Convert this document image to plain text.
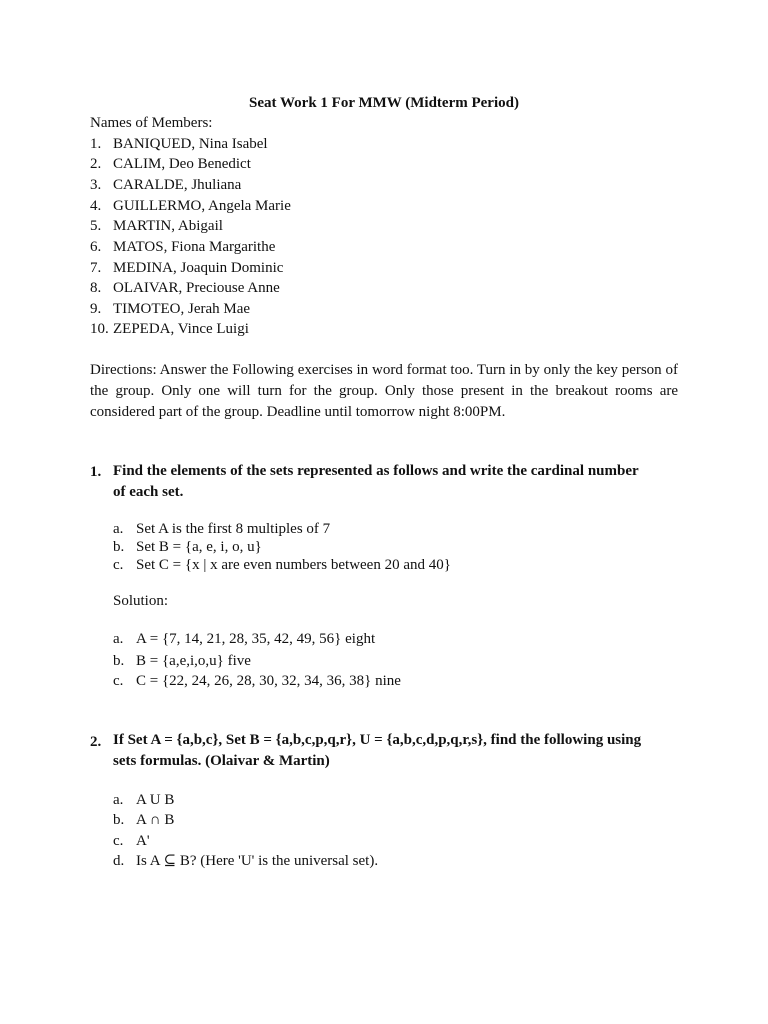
Seat Work 1 For MMW (Midterm Period)
Names of Members:
1. BANIQUED, Nina Isabel
2. CALIM, Deo Benedict
3. CARALDE, Jhuliana
4. GUILLERMO, Angela Marie
5. MARTIN, Abigail
6. MATOS, Fiona Margarithe
7. MEDINA, Joaquin Dominic
8. OLAIVAR, Preciouse Anne
9. TIMOTEO, Jerah Mae
10. ZEPEDA, Vince Luigi
Directions: Answer the Following exercises in word format too. Turn in by only the key person of the group. Only one will turn for the group. Only those present in the breakout rooms are considered part of the group. Deadline until tomorrow night 8:00PM.
1. Find the elements of the sets represented as follows and write the cardinal number of each set.
a. Set A is the first 8 multiples of 7
b. Set B = {a, e, i, o, u}
c. Set C = {x | x are even numbers between 20 and 40}
Solution:
a. A = {7, 14, 21, 28, 35, 42, 49, 56} eight
b. B = {a,e,i,o,u} five
c. C = {22, 24, 26, 28, 30, 32, 34, 36, 38} nine
2. If Set A = {a,b,c}, Set B = {a,b,c,p,q,r}, U = {a,b,c,d,p,q,r,s}, find the following using sets formulas. (Olaivar & Martin)
a. A U B
b. A ∩ B
c. A'
d. Is A ⊆ B? (Here 'U' is the universal set).
